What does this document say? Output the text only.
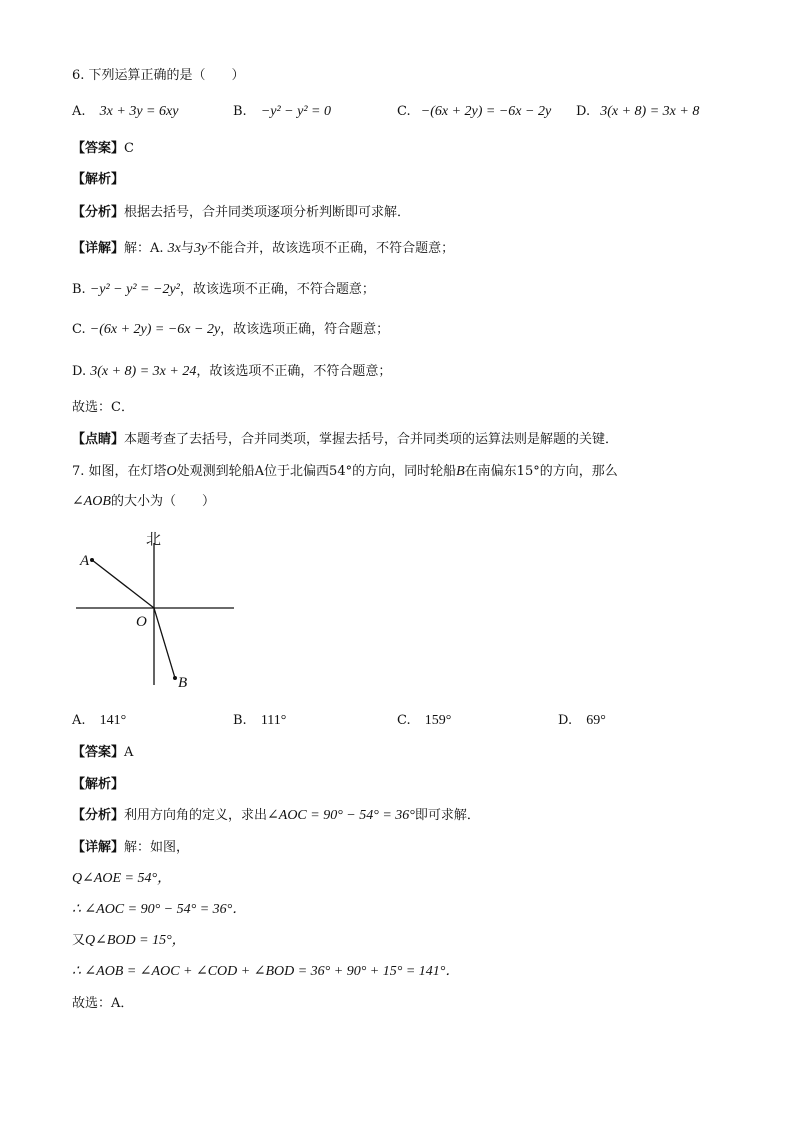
6. 下列运算正确的是（　　）
A. 3x + 3y = 6xy	B. −y² − y² = 0	C. −(6x + 2y) = −6x − 2y D. 3(x + 8) = 3x + 8
【答案】C
【解析】
【分析】根据去括号，合并同类项逐项分析判断即可求解．
【详解】解：A. 3x与3y不能合并，故该选项不正确，不符合题意；
B. −y² − y² = −2y²，故该选项不正确，不符合题意；
C. −(6x + 2y) = −6x − 2y，故该选项正确，符合题意；
D. 3(x + 8) = 3x + 24，故该选项不正确，不符合题意；
故选：C．
【点睛】本题考查了去括号，合并同类项，掌握去括号，合并同类项的运算法则是解题的关键．
7. 如图，在灯塔O处观测到轮船A位于北偏西54°的方向，同时轮船B在南偏东15°的方向，那么
∠AOB的大小为（　　）
北
A
O
B
A. 141°	B. 111°	C. 159°	D. 69°
【答案】A
【解析】
【分析】利用方向角的定义，求出∠AOC = 90° − 54° = 36°即可求解．
【详解】解：如图，
Q∠AOE = 54°，
∴ ∠AOC = 90° − 54° = 36°．
又Q∠BOD = 15°，
∴ ∠AOB = ∠AOC + ∠COD + ∠BOD = 36° + 90° + 15° = 141°．
故选：A．
